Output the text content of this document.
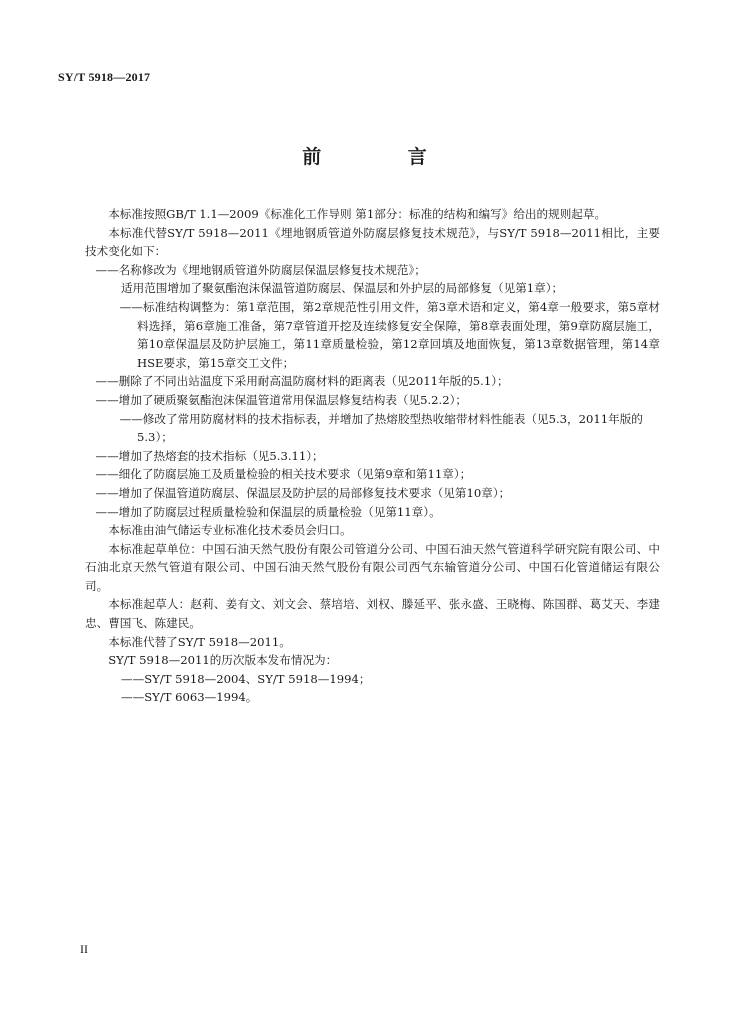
SY/T 5918—2017
前 言

本标准按照GB/T 1.1—2009《标准化工作导则 第1部分：标准的结构和编写》给出的规则起草。

本标准代替SY/T 5918—2011《埋地钢质管道外防腐层修复技术规范》，与SY/T 5918—2011相比，主要技术变化如下：

——名称修改为《埋地钢质管道外防腐层保温层修复技术规范》；

适用范围增加了聚氨酯泡沫保温管道防腐层、保温层和外护层的局部修复（见第1章）；

——标准结构调整为：第1章范围，第2章规范性引用文件，第3章术语和定义，第4章一般要求，第5章材料选择，第6章施工准备，第7章管道开挖及连续修复安全保障，第8章表面处理，第9章防腐层施工，第10章保温层及防护层施工，第11章质量检验，第12章回填及地面恢复，第13章数据管理，第14章HSE要求，第15章交工文件；

——删除了不同出站温度下采用耐高温防腐材料的距离表（见2011年版的5.1）；

——增加了硬质聚氨酯泡沫保温管道常用保温层修复结构表（见5.2.2）；

——修改了常用防腐材料的技术指标表，并增加了热熔胶型热收缩带材料性能表（见5.3，2011年版的5.3）；

——增加了热熔套的技术指标（见5.3.11）；

——细化了防腐层施工及质量检验的相关技术要求（见第9章和第11章）；

——增加了保温管道防腐层、保温层及防护层的局部修复技术要求（见第10章）；

——增加了防腐层过程质量检验和保温层的质量检验（见第11章）。

本标准由油气储运专业标准化技术委员会归口。

本标准起草单位：中国石油天然气股份有限公司管道分公司、中国石油天然气管道科学研究院有限公司、中石油北京天然气管道有限公司、中国石油天然气股份有限公司西气东输管道分公司、中国石化管道储运有限公司。

本标准起草人：赵莉、姜有文、刘文会、蔡培培、刘权、滕延平、张永盛、王晓梅、陈国群、葛艾天、李建忠、曹国飞、陈建民。

本标准代替了SY/T 5918—2011。

SY/T 5918—2011的历次版本发布情况为：

——SY/T 5918—2004、SY/T 5918—1994；

——SY/T 6063—1994。

II
